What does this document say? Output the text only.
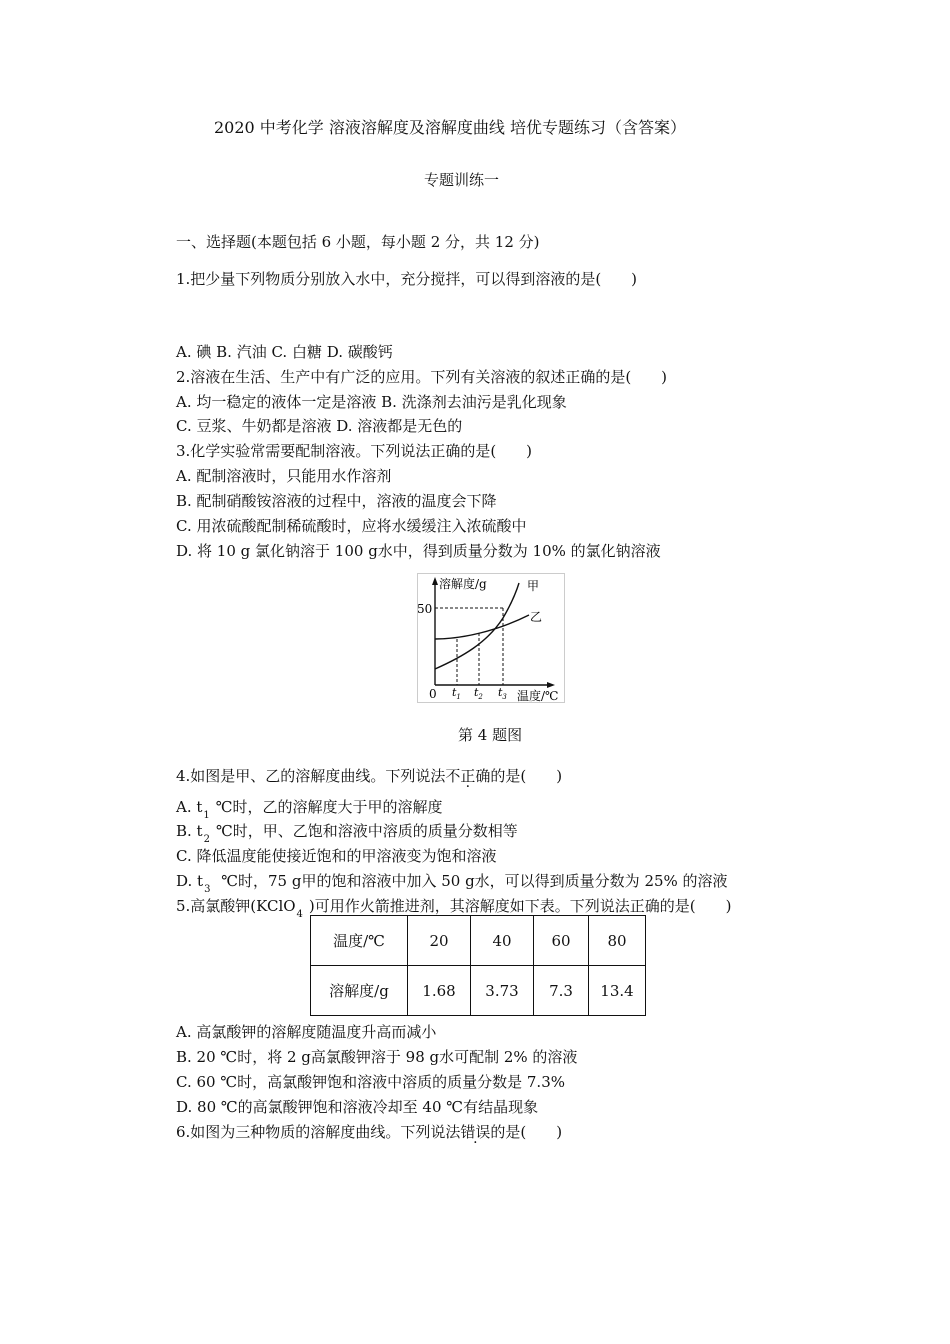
2020 中考化学 溶液溶解度及溶解度曲线 培优专题练习（含答案）
专题训练一
一、选择题(本题包括 6 小题，每小题 2 分，共 12 分)
1.把少量下列物质分别放入水中，充分搅拌，可以得到溶液的是(　　)
A. 碘 B. 汽油 C. 白糖 D. 碳酸钙
2.溶液在生活、生产中有广泛的应用。下列有关溶液的叙述正确的是(　　)
A. 均一稳定的液体一定是溶液 B. 洗涤剂去油污是乳化现象
C. 豆浆、牛奶都是溶液 D. 溶液都是无色的
3.化学实验常需要配制溶液。下列说法正确的是(　　)
A. 配制溶液时，只能用水作溶剂
B. 配制硝酸铵溶液的过程中，溶液的温度会下降
C. 用浓硫酸配制稀硫酸时，应将水缓缓注入浓硫酸中
D. 将 10 g 氯化钠溶于 100 g水中，得到质量分数为 10% 的氯化钠溶液
溶解度/g	甲
乙
50
0 $t_1$ $t_2$ $t_3$ 温度/℃
第 4 题图
4.如图是甲、乙的溶解度曲线。下列说法不正确的是(　　)
A. $t_1$ ℃时，乙的溶解度大于甲的溶解度
B. $t_2$ ℃时，甲、乙饱和溶液中溶质的质量分数相等
C. 降低温度能使接近饱和的甲溶液变为饱和溶液
D. $t_3$ ℃时，75 g甲的饱和溶液中加入 50 g水，可以得到质量分数为 25% 的溶液
5.高氯酸钾(KClO$_4$ )可用作火箭推进剂，其溶解度如下表。下列说法正确的是(　　)
温度/℃	20	40	60	80
溶解度/g	1.68	3.73	7.3	13.4
A. 高氯酸钾的溶解度随温度升高而减小
B. 20 ℃时，将 2 g高氯酸钾溶于 98 g水可配制 2% 的溶液
C. 60 ℃时，高氯酸钾饱和溶液中溶质的质量分数是 7.3%
D. 80 ℃的高氯酸钾饱和溶液冷却至 40 ℃有结晶现象
6.如图为三种物质的溶解度曲线。下列说法错误的是(　　)
